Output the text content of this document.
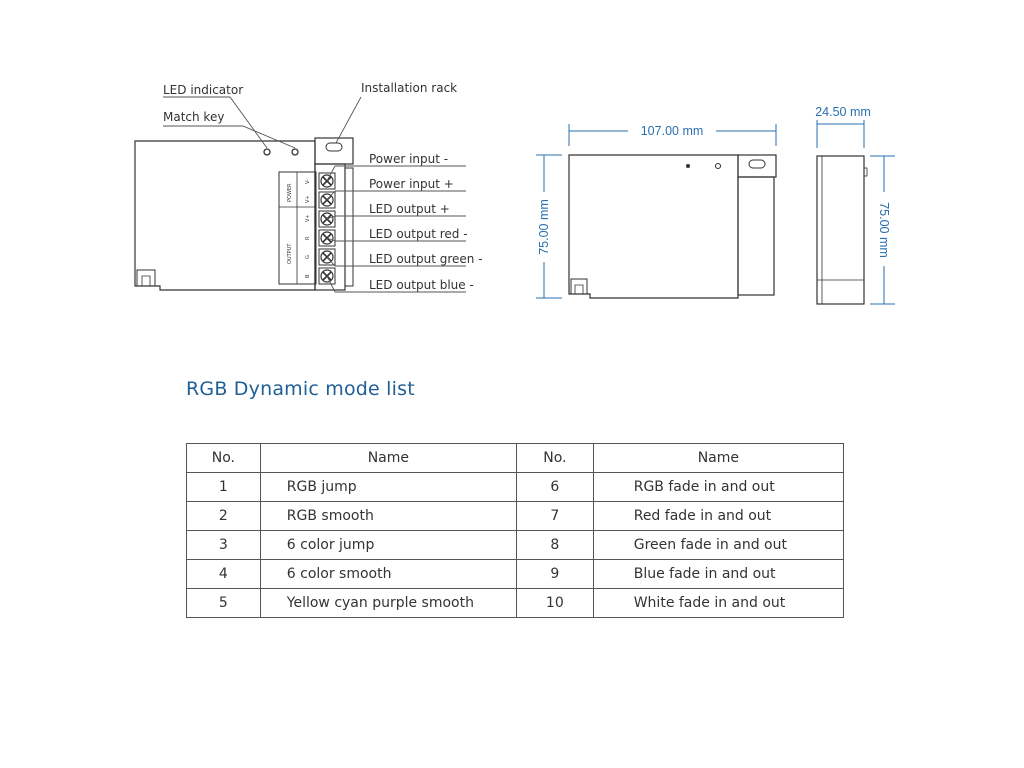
V-
V+
V+
R
G
B
POWER
OUTPUT
LED indicator
Match key
Installation rack
Power input -
Power input +
LED output +
LED output red -
LED output green -
LED output blue -
107.00 mm
75.00 mm
24.50 mm
75.00 mm
RGB Dynamic mode list
No.	Name	No.	Name
1	RGB jump	6	RGB fade in and out
2	RGB smooth	7	Red fade in and out
3	6 color jump	8	Green fade in and out
4	6 color smooth	9	Blue fade in and out
5	Yellow cyan purple smooth	10	White fade in and out
